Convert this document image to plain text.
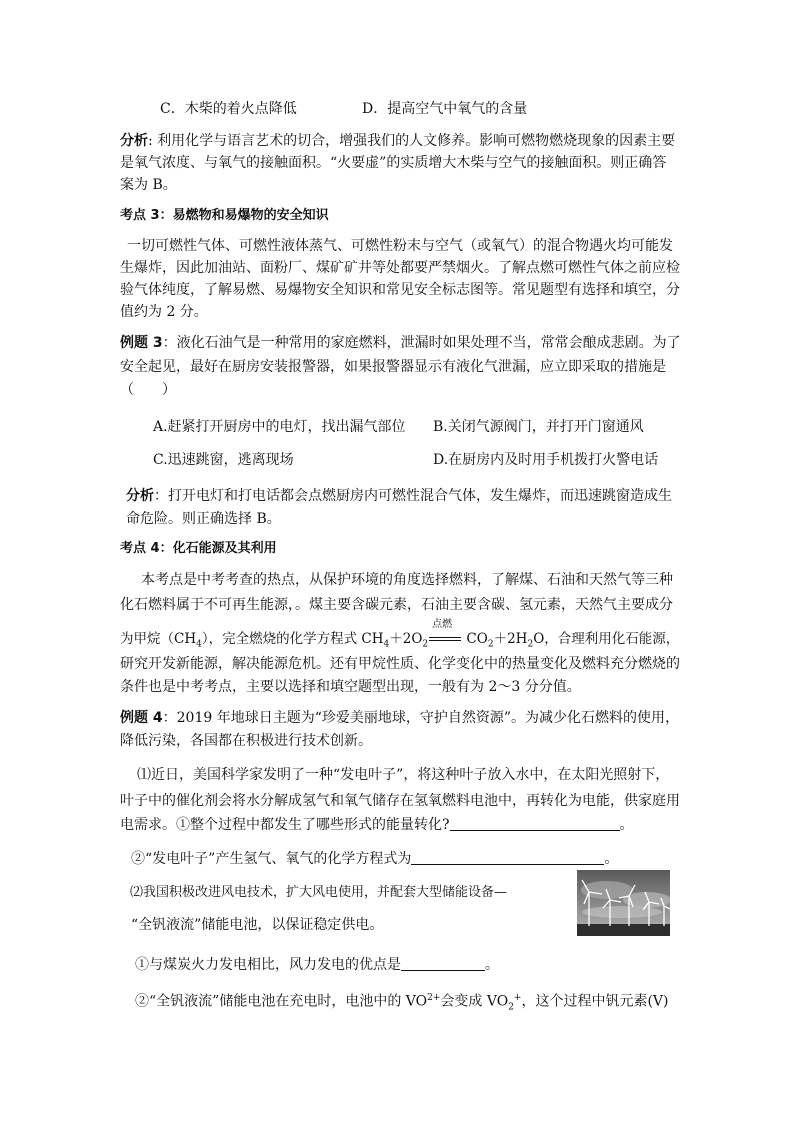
C．木柴的着火点降低	D．提高空气中氧气的含量
分析: 利用化学与语言艺术的切合，增强我们的人文修养。影响可燃物燃烧现象的因素主要
是氧气浓度、与氧气的接触面积。“火要虚”的实质增大木柴与空气的接触面积。则正确答
案为 B。
考点 3：易燃物和易爆物的安全知识
一切可燃性气体、可燃性液体蒸气、可燃性粉末与空气（或氧气）的混合物遇火均可能发
生爆炸，因此加油站、面粉厂、煤矿矿井等处都要严禁烟火。了解点燃可燃性气体之前应检
验气体纯度，了解易燃、易爆物安全知识和常见安全标志图等。常见题型有选择和填空，分
值约为 2 分。
例题 3：液化石油气是一种常用的家庭燃料，泄漏时如果处理不当，常常会酿成悲剧。为了
安全起见，最好在厨房安装报警器，如果报警器显示有液化气泄漏，应立即采取的措施是
（　　）
A.赶紧打开厨房中的电灯，找出漏气部位 B.关闭气源阀门，并打开门窗通风
C.迅速跳窗，逃离现场	D.在厨房内及时用手机拨打火警电话
分析：打开电灯和打电话都会点燃厨房内可燃性混合气体，发生爆炸，而迅速跳窗造成生
命危险。则正确选择 B。
考点 4：化石能源及其利用
本考点是中考考查的热点，从保护环境的角度选择燃料，了解煤、石油和天然气等三种
化石燃料属于不可再生能源，。煤主要含碳元素，石油主要含碳、氢元素，天然气主要成分
为甲烷$(CH_4)$，完全燃烧的化学方程式 $CH_4+2O_2$
点燃
$CO_2+2H_2O$，合理利用化石能源，
研究开发新能源，解决能源危机。还有甲烷性质、化学变化中的热量变化及燃料充分燃烧的
条件也是中考考点，主要以选择和填空题型出现，一般有为 2～3 分分值。
例题 4：2019 年地球日主题为“珍爱美丽地球，守护自然资源”。为减少化石燃料的使用，
降低污染，各国都在积极进行技术创新。
⑴近日，美国科学家发明了一种“发电叶子”，将这种叶子放入水中，在太阳光照射下，
叶子中的催化剂会将水分解成氢气和氧气储存在氢氧燃料电池中，再转化为电能，供家庭用
电需求。①整个过程中都发生了哪些形式的能量转化?	。
②“发电叶子”产生氢气、氧气的化学方程式为	。
⑵我国积极改进风电技术，扩大风电使用，并配套大型储能设备—
“全钒液流”储能电池，以保证稳定供电。
①与煤炭火力发电相比，风力发电的优点是	。
②“全钒液流”储能电池在充电时，电池中的 $VO^{2+}$会变成 $VO_2^+$，这个过程中钒元素(V)
